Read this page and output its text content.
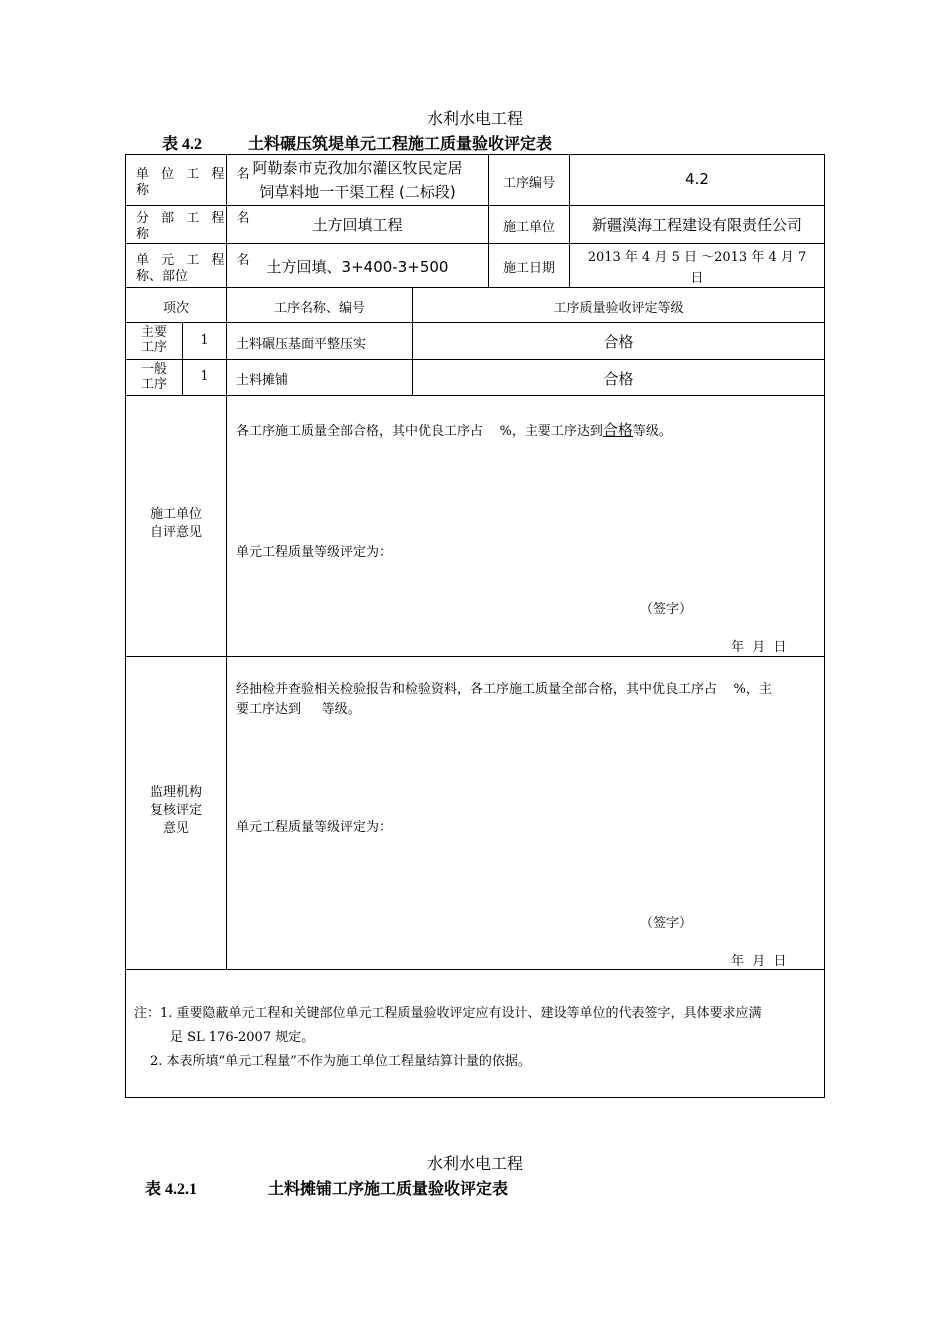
水利水电工程
表 4.2	土料碾压筑堤单元工程施工质量验收评定表
单 位 工 程 名
称
阿勒泰市克孜加尔灌区牧民定居
饲草料地一干渠工程 (二标段)	工序编号	4.2
分 部 工 程 名
称
土方回填工程	施工单位	新疆漠海工程建设有限责任公司
单 元 工 程 名
称、部位
土方回填、3+400-3+500	施工日期
2013 年 4 月 5 日 ～2013 年 4 月 7
日
项次	工序名称、编号	工序质量验收评定等级
主要
工序	1	土料碾压基面平整压实	合格
一般
工序
1	土料摊铺	合格
施工单位
自评意见
各工序施工质量全部合格，其中优良工序占 %，主要工序达到合格等级。
单元工程质量等级评定为：
（签字）
年  月  日
监理机构
复核评定
意见
经抽检并查验相关检验报告和检验资料，各工序施工质量全部合格，其中优良工序占 %，主
要工序达到     等级。
单元工程质量等级评定为：
（签字）
年  月  日
注：1. 重要隐蔽单元工程和关键部位单元工程质量验收评定应有设计、建设等单位的代表签字，具体要求应满
足 SL 176-2007 规定。
2. 本表所填“单元工程量”不作为施工单位工程量结算计量的依据。
水利水电工程
表 4.2.1	土料摊铺工序施工质量验收评定表
